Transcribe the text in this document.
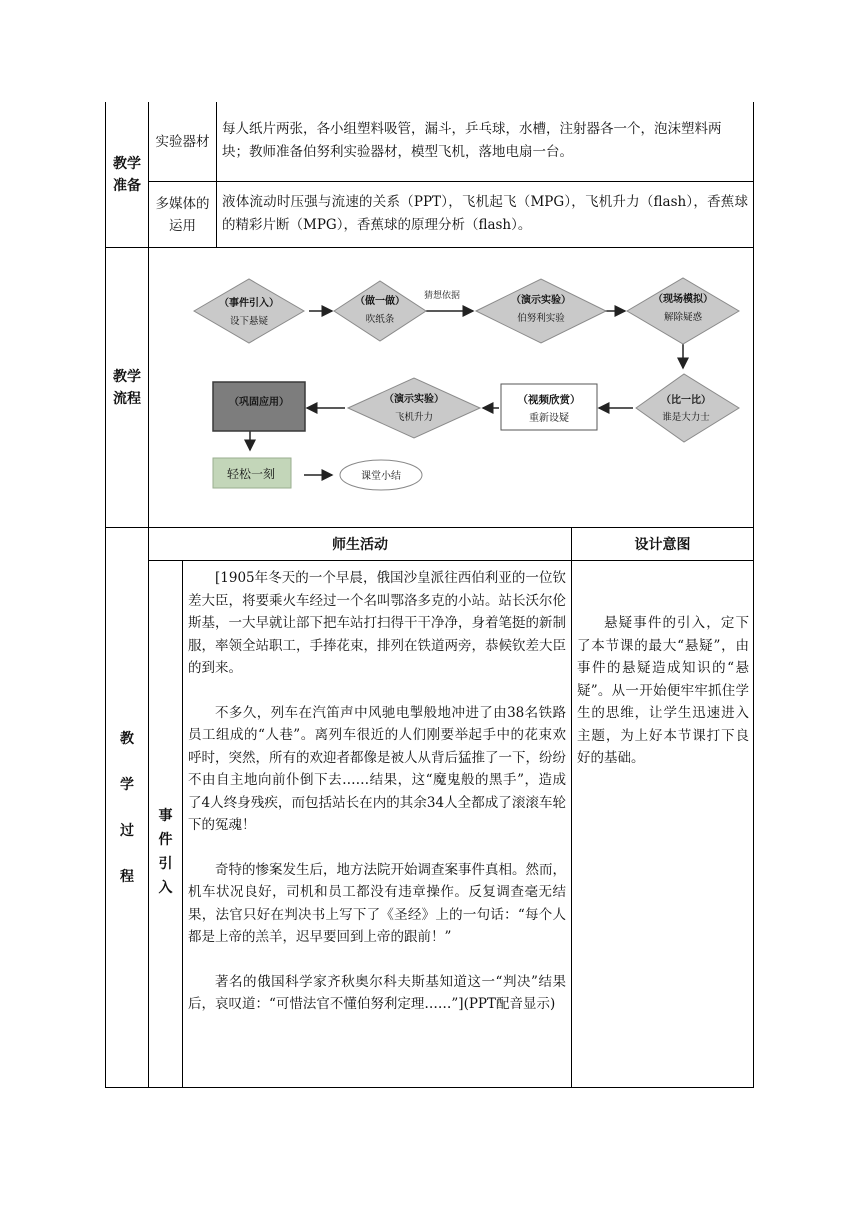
教学准备
实验器材
每人纸片两张，各小组塑料吸管，漏斗，乒乓球，水槽，注射器各一个，泡沫塑料两块；教师准备伯努利实验器材，模型飞机，落地电扇一台。
多媒体的运用
液体流动时压强与流速的关系（PPT），飞机起飞（MPG），飞机升力（flash），香蕉球的精彩片断（MPG），香蕉球的原理分析（flash）。
教学流程
猜想依据
（事件引入）
设下悬疑
（做一做）
吹纸条
（演示实验）
伯努利实验
（现场模拟）
解除疑惑
（比一比）
谁是大力士
（视频欣赏）
重新设疑
（演示实验）
飞机升力
（巩固应用）
轻松一刻	课堂小结
教学过程
师生活动	设计意图
事件引入

[1905年冬天的一个早晨，俄国沙皇派往西伯利亚的一位钦差大臣，将要乘火车经过一个名叫鄂洛多克的小站。站长沃尔伦斯基，一大早就让部下把车站打扫得干干净净，身着笔挺的新制服，率领全站职工，手捧花束，排列在铁道两旁，恭候钦差大臣的到来。

不多久，列车在汽笛声中风驰电掣般地冲进了由38名铁路员工组成的“人巷”。离列车很近的人们刚要举起手中的花束欢呼时，突然，所有的欢迎者都像是被人从背后猛推了一下，纷纷不由自主地向前仆倒下去……结果，这“魔鬼般的黑手”，造成了4人终身残疾，而包括站长在内的其余34人全都成了滚滚车轮下的冤魂！

奇特的惨案发生后，地方法院开始调查案事件真相。然而，机车状况良好，司机和员工都没有违章操作。反复调查毫无结果，法官只好在判决书上写下了《圣经》上的一句话：“每个人都是上帝的羔羊，迟早要回到上帝的跟前！”

著名的俄国科学家齐秋奥尔科夫斯基知道这一“判决”结果后，哀叹道：“可惜法官不懂伯努利定理……”](PPT配音显示)

悬疑事件的引入，定下了本节课的最大“悬疑”，由事件的悬疑造成知识的“悬疑”。从一开始便牢牢抓住学生的思维，让学生迅速进入主题，为上好本节课打下良好的基础。
